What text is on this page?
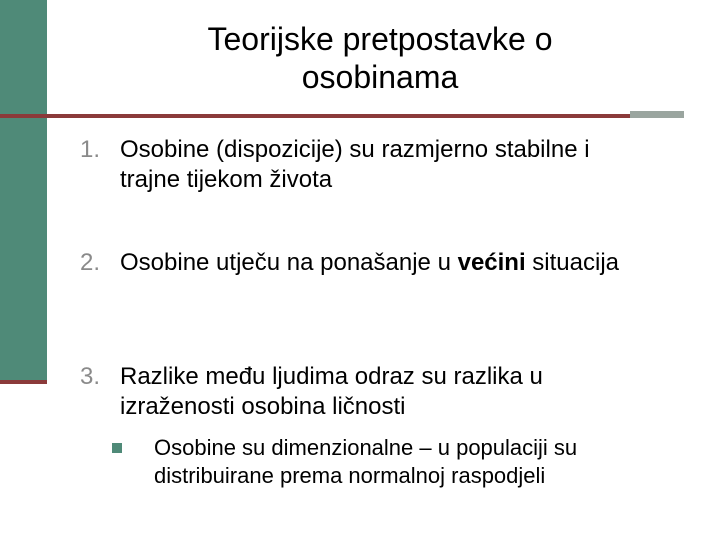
Teorijske pretpostavke o
osobinama
1. Osobine (dispozicije) su razmjerno stabilne i trajne tijekom života
2. Osobine utječu na ponašanje u većini situacija
3. Razlike među ljudima odraz su razlika u izraženosti osobina ličnosti
Osobine su dimenzionalne – u populaciji su distribuirane prema normalnoj raspodjeli
